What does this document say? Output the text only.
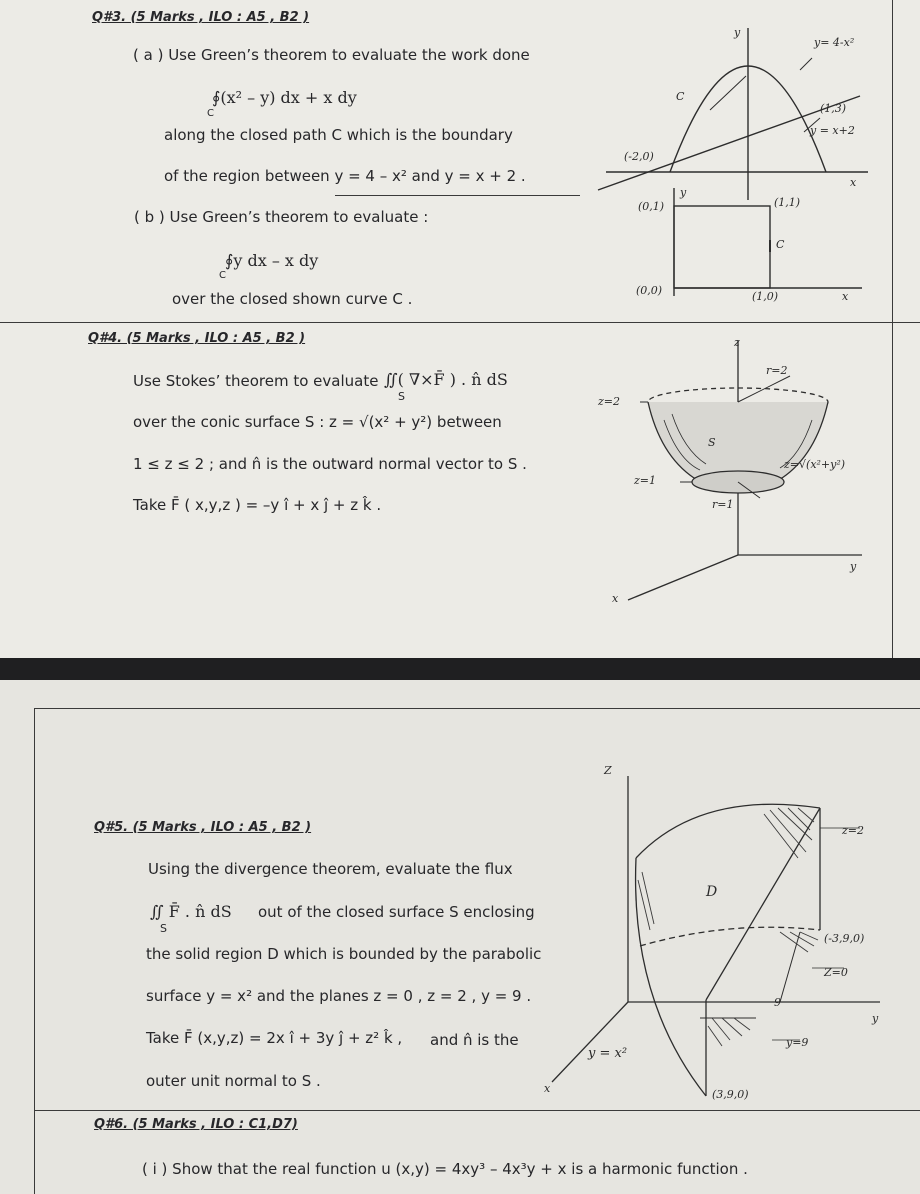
Q#3. (5 Marks , ILO : A5 , B2 )
( a ) Use Green’s theorem to evaluate the work done
∮(x² – y) dx + x dy
C
along the closed path C which is the boundary
of the region between y = 4 – x² and y = x + 2 .
( b ) Use Green’s theorem to evaluate :
∮y dx – x dy
C
over the closed shown curve C .
y
y= 4-x²
C
(1,3)
y = x+2
(-2,0)
x
y
(0,1)	(1,1)
C
(0,0)	(1,0)	x
Q#4. (5 Marks , ILO : A5 , B2 )
Use Stokes’ theorem to evaluate ∬( ∇×F̄ ) . n̂ dS
S
over the conic surface S : z = √(x² + y²) between
1 ≤ z ≤ 2 ; and n̂ is the outward normal vector to S .
Take F̄ ( x,y,z ) = –y î + x ĵ + z k̂ .
z
r=2
z=2
S
z=√(x²+y²)
z=1
r=1
y
x
Q#5. (5 Marks , ILO : A5 , B2 )
Using the divergence theorem, evaluate the flux
∬ F̄ . n̂ dS
S
out of the closed surface S enclosing
the solid region D which is bounded by the parabolic
surface y = x² and the planes z = 0 , z = 2 , y = 9 .
Take F̄ (x,y,z) = 2x î + 3y ĵ + z² k̂ , and n̂ is the
outer unit normal to S .
Z
z=2
D
(-3,9,0)
Z=0
9
y
y=9
y = x²
x	(3,9,0)
Q#6. (5 Marks , ILO : C1,D7)
( i ) Show that the real function u (x,y) = 4xy³ – 4x³y + x is a harmonic function .
